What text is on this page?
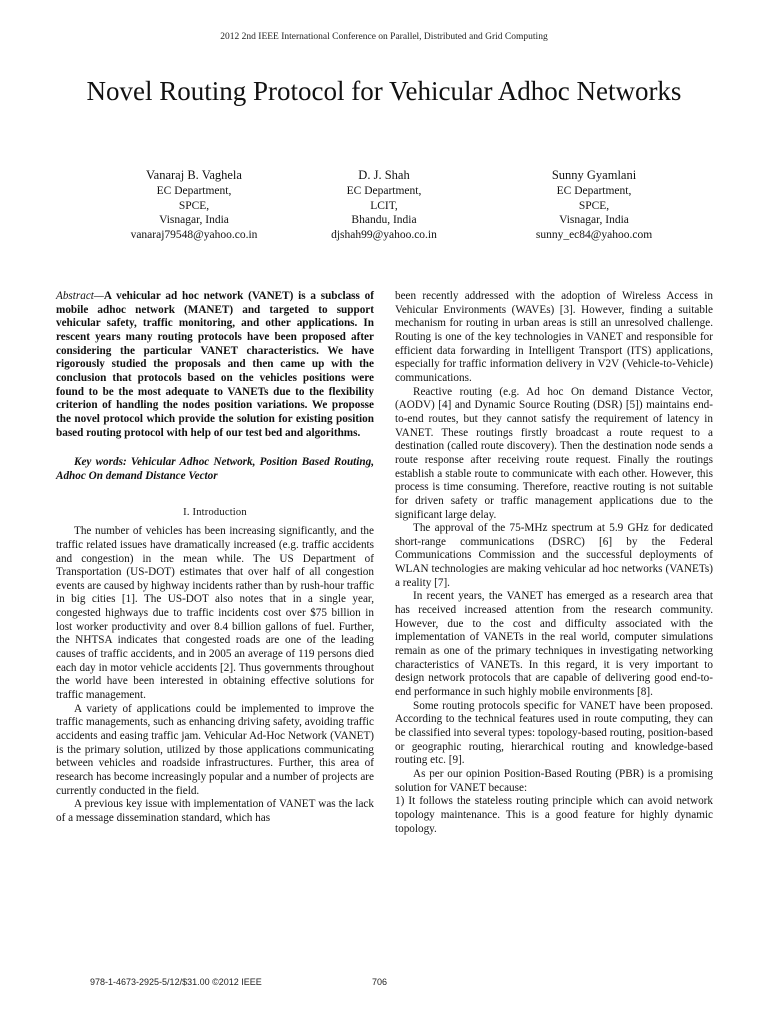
2012 2nd IEEE International Conference on Parallel, Distributed and Grid Computing
Novel Routing Protocol for Vehicular Adhoc Networks
Vanaraj B. Vaghela
EC Department,
SPCE,
Visnagar, India
vanaraj79548@yahoo.co.in
D. J. Shah
EC Department,
LCIT,
Bhandu, India
djshah99@yahoo.co.in
Sunny Gyamlani
EC Department,
SPCE,
Visnagar, India
sunny_ec84@yahoo.com

Abstract—A vehicular ad hoc network (VANET) is a subclass of mobile adhoc network (MANET) and targeted to support vehicular safety, traffic monitoring, and other applications. In rescent years many routing protocols have been proposed after considering the particular VANET characteristics. We have rigorously studied the proposals and then came up with the conclusion that protocols based on the vehicles positions were found to be the most adequate to VANETs due to the flexibility criterion of handling the nodes position variations. We proposse the novel protocol which provide the solution for existing position based routing protocol with help of our test bed and algorithms.

Key words: Vehicular Adhoc Network, Position Based Routing, Adhoc On demand Distance Vector

I. Introduction

The number of vehicles has been increasing significantly, and the traffic related issues have dramatically increased (e.g. traffic accidents and congestion) in the mean while. The US Department of Transportation (US-DOT) estimates that over half of all congestion events are caused by highway incidents rather than by rush-hour traffic in big cities [1]. The US-DOT also notes that in a single year, congested highways due to traffic incidents cost over $75 billion in lost worker productivity and over 8.4 billion gallons of fuel. Further, the NHTSA indicates that congested roads are one of the leading causes of traffic accidents, and in 2005 an average of 119 persons died each day in motor vehicle accidents [2]. Thus governments throughout the world have been interested in obtaining effective solutions for traffic management.

A variety of applications could be implemented to improve the traffic managements, such as enhancing driving safety, avoiding traffic accidents and easing traffic jam. Vehicular Ad-Hoc Network (VANET) is the primary solution, utilized by those applications communicating between vehicles and roadside infrastructures. Further, this area of research has become increasingly popular and a number of projects are currently conducted in the field.

A previous key issue with implementation of VANET was the lack of a message dissemination standard, which has

been recently addressed with the adoption of Wireless Access in Vehicular Environments (WAVEs) [3]. However, finding a suitable mechanism for routing in urban areas is still an unresolved challenge. Routing is one of the key technologies in VANET and responsible for efficient data forwarding in Intelligent Transport (ITS) applications, especially for traffic information delivery in V2V (Vehicle-to-Vehicle) communications.

Reactive routing (e.g. Ad hoc On demand Distance Vector, (AODV) [4] and Dynamic Source Routing (DSR) [5]) maintains end-to-end routes, but they cannot satisfy the requirement of latency in VANET. These routings firstly broadcast a route request to a destination (called route discovery). Then the destination node sends a route response after receiving route request. Finally the routings establish a stable route to communicate with each other. However, this process is time consuming. Therefore, reactive routing is not suitable for driven safety or traffic management applications due to the significant large delay.

The approval of the 75-MHz spectrum at 5.9 GHz for dedicated short-range communications (DSRC) [6] by the Federal Communications Commission and the successful deployments of WLAN technologies are making vehicular ad hoc networks (VANETs) a reality [7].

In recent years, the VANET has emerged as a research area that has received increased attention from the research community. However, due to the cost and difficulty associated with the implementation of VANETs in the real world, computer simulations remain as one of the primary techniques in investigating networking characteristics of VANETs. In this regard, it is very important to design network protocols that are capable of delivering good end-to-end performance in such highly mobile environments [8].

Some routing protocols specific for VANET have been proposed. According to the technical features used in route computing, they can be classified into several types: topology-based routing, position-based or geographic routing, hierarchical routing and knowledge-based routing etc. [9].

As per our opinion Position-Based Routing (PBR) is a promising solution for VANET because:

1) It follows the stateless routing principle which can avoid network topology maintenance. This is a good feature for highly dynamic topology.

978-1-4673-2925-5/12/$31.00 ©2012 IEEE	706
